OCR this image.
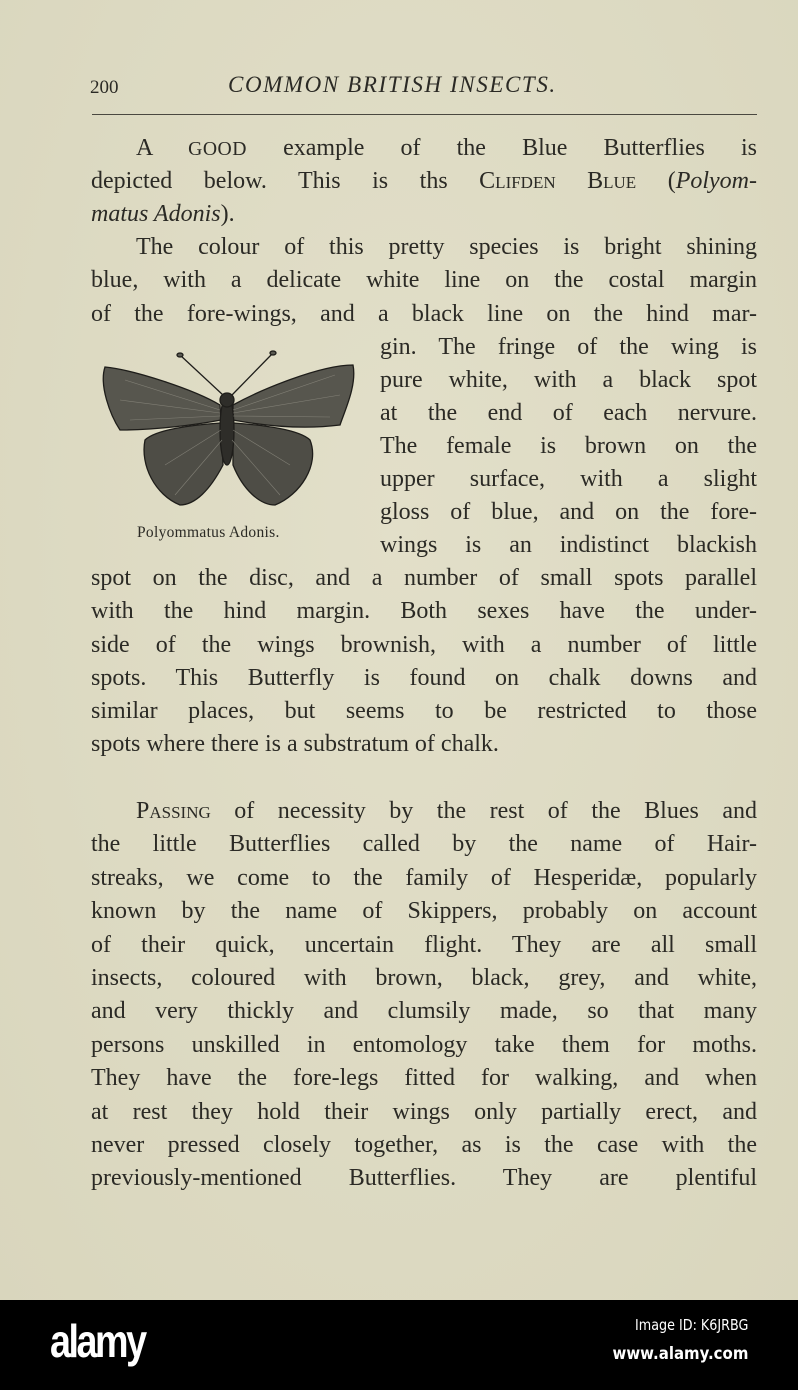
200	COMMON BRITISH INSECTS.
A GOOD example of the Blue Butterflies is
depicted below. This is ths Clifden Blue (Polyom-
matus Adonis).
The colour of this pretty species is bright shining
blue, with a delicate white line on the costal margin
of the fore-wings, and a black line on the hind mar-
gin. The fringe of the wing is
pure white, with a black spot
at the end of each nervure.
The female is brown on the
upper surface, with a slight
gloss of blue, and on the fore-
wings is an indistinct blackish
spot on the disc, and a number of small spots parallel
with the hind margin. Both sexes have the under-
side of the wings brownish, with a number of little
spots. This Butterfly is found on chalk downs and
similar places, but seems to be restricted to those
spots where there is a substratum of chalk.
Passing of necessity by the rest of the Blues and
the little Butterflies called by the name of Hair-
streaks, we come to the family of Hesperidæ, popularly
known by the name of Skippers, probably on account
of their quick, uncertain flight. They are all small
insects, coloured with brown, black, grey, and white,
and very thickly and clumsily made, so that many
persons unskilled in entomology take them for moths.
They have the fore-legs fitted for walking, and when
at rest they hold their wings only partially erect, and
never pressed closely together, as is the case with the
previously-mentioned Butterflies. They are plentiful
Polyommatus Adonis.
alamy	Image ID: K6JRBG
www.alamy.com
